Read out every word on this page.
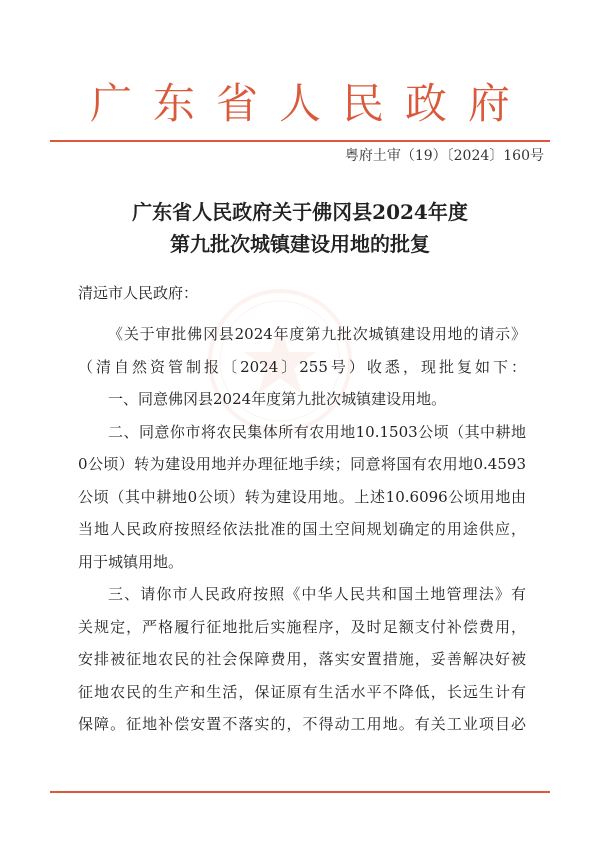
广东省人民政府
粤府土审（19）〔2024〕160号
广东省人民政府关于佛冈县2024年度
第九批次城镇建设用地的批复
清远市人民政府：
《关于审批佛冈县2024年度第九批次城镇建设用地的请示》
（清自然资管制报〔2024〕255号）收悉，现批复如下：
一、同意佛冈县2024年度第九批次城镇建设用地。
二、同意你市将农民集体所有农用地10.1503公顷（其中耕地
0公顷）转为建设用地并办理征地手续；同意将国有农用地0.4593
公顷（其中耕地0公顷）转为建设用地。上述10.6096公顷用地由
当地人民政府按照经依法批准的国土空间规划确定的用途供应，
用于城镇用地。
三、请你市人民政府按照《中华人民共和国土地管理法》有
关规定，严格履行征地批后实施程序，及时足额支付补偿费用，
安排被征地农民的社会保障费用，落实安置措施，妥善解决好被
征地农民的生产和生活，保证原有生活水平不降低，长远生计有
保障。征地补偿安置不落实的，不得动工用地。有关工业项目必
